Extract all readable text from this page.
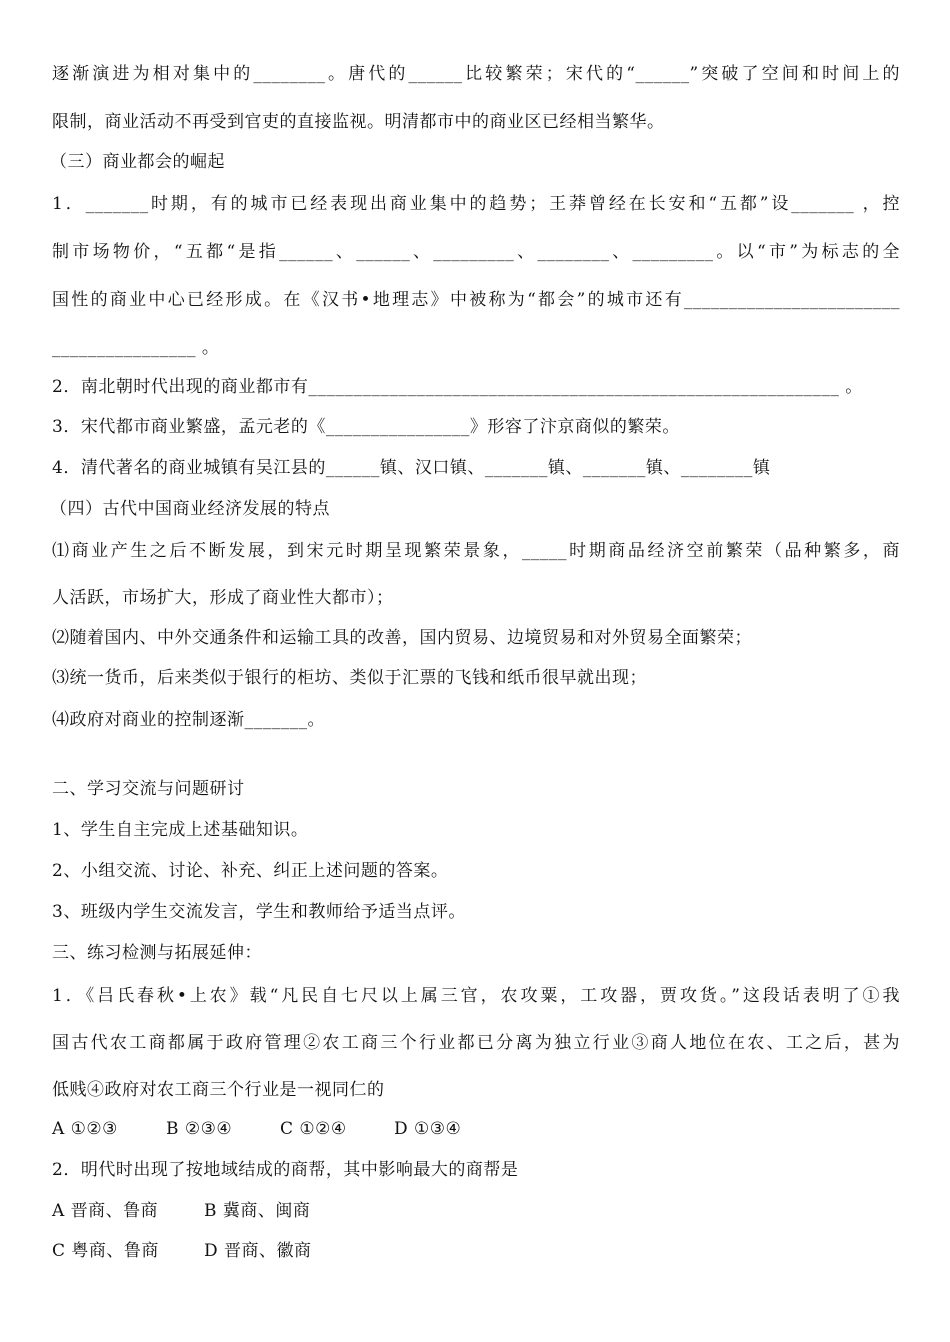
逐渐演进为相对集中的________。唐代的______比较繁荣；宋代的“______”突破了空间和时间上的
限制，商业活动不再受到官吏的直接监视。明清都市中的商业区已经相当繁华。
（三）商业都会的崛起
1．_______时期，有的城市已经表现出商业集中的趋势；王莽曾经在长安和“五都”设_______ ，控
制市场物价，“五都“是指______、______、_________、________、_________。以“市”为标志的全
国性的商业中心已经形成。在《汉书•地理志》中被称为“都会”的城市还有________________________
________________ 。
2．南北朝时代出现的商业都市有___________________________________________________________ 。
3．宋代都市商业繁盛，孟元老的《________________》形容了汴京商似的繁荣。
4．清代著名的商业城镇有吴江县的______镇、汉口镇、_______镇、_______镇、________镇
（四）古代中国商业经济发展的特点
⑴商业产生之后不断发展，到宋元时期呈现繁荣景象，_____时期商品经济空前繁荣（品种繁多，商
人活跃，市场扩大，形成了商业性大都市）；
⑵随着国内、中外交通条件和运输工具的改善，国内贸易、边境贸易和对外贸易全面繁荣；
⑶统一货币，后来类似于银行的柜坊、类似于汇票的飞钱和纸币很早就出现；
⑷政府对商业的控制逐渐_______。
二、学习交流与问题研讨
1、学生自主完成上述基础知识。
2、小组交流、讨论、补充、纠正上述问题的答案。
3、班级内学生交流发言，学生和教师给予适当点评。
三、练习检测与拓展延伸：
1．《吕氏春秋•上农》载“凡民自七尺以上属三官，农攻粟，工攻器，贾攻货。”这段话表明了①我
国古代农工商都属于政府管理②农工商三个行业都已分离为独立行业③商人地位在农、工之后，甚为
低贱④政府对农工商三个行业是一视同仁的
A ①②③	B ②③④	C ①②④	D ①③④
2．明代时出现了按地域结成的商帮，其中影响最大的商帮是
A 晋商、鲁商	B 冀商、闽商
C 粤商、鲁商	D 晋商、徽商
